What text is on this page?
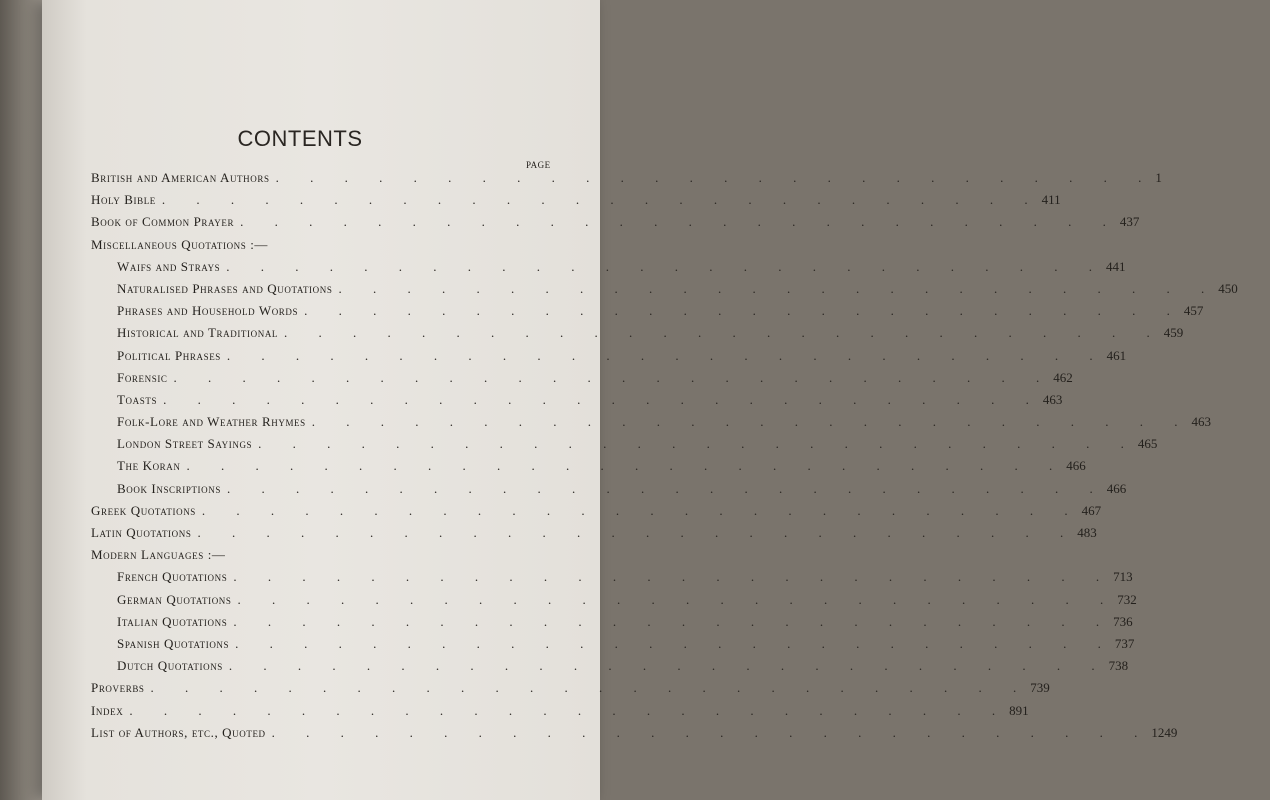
CONTENTS
PAGE
British and American Authors . . . . . . . . . . . . . . . . . . . . . . . . . . 1
Holy Bible . . . . . . . . . . . . . . . . . . . . . . . . . . 411
Book of Common Prayer . . . . . . . . . . . . . . . . . . . . . . . . . . 437
Miscellaneous Quotations :—
Waifs and Strays . . . . . . . . . . . . . . . . . . . . . . . . . . 441
Naturalised Phrases and Quotations . . . . . . . . . . . . . . . . . . . . . . . . . . 450
Phrases and Household Words . . . . . . . . . . . . . . . . . . . . . . . . . . 457
Historical and Traditional . . . . . . . . . . . . . . . . . . . . . . . . . . 459
Political Phrases . . . . . . . . . . . . . . . . . . . . . . . . . . 461
Forensic . . . . . . . . . . . . . . . . . . . . . . . . . . 462
Toasts . . . . . . . . . . . . . . . . . . . . . . . . . . 463
Folk-Lore and Weather Rhymes . . . . . . . . . . . . . . . . . . . . . . . . . . 463
London Street Sayings . . . . . . . . . . . . . . . . . . . . . . . . . . 465
The Koran . . . . . . . . . . . . . . . . . . . . . . . . . . 466
Book Inscriptions . . . . . . . . . . . . . . . . . . . . . . . . . . 466
Greek Quotations . . . . . . . . . . . . . . . . . . . . . . . . . . 467
Latin Quotations . . . . . . . . . . . . . . . . . . . . . . . . . . 483
Modern Languages :—
French Quotations . . . . . . . . . . . . . . . . . . . . . . . . . . 713
German Quotations . . . . . . . . . . . . . . . . . . . . . . . . . . 732
Italian Quotations . . . . . . . . . . . . . . . . . . . . . . . . . . 736
Spanish Quotations . . . . . . . . . . . . . . . . . . . . . . . . . . 737
Dutch Quotations . . . . . . . . . . . . . . . . . . . . . . . . . . 738
Proverbs . . . . . . . . . . . . . . . . . . . . . . . . . . 739
Index . . . . . . . . . . . . . . . . . . . . . . . . . . 891
List of Authors, etc., Quoted . . . . . . . . . . . . . . . . . . . . . . . . . . 1249
